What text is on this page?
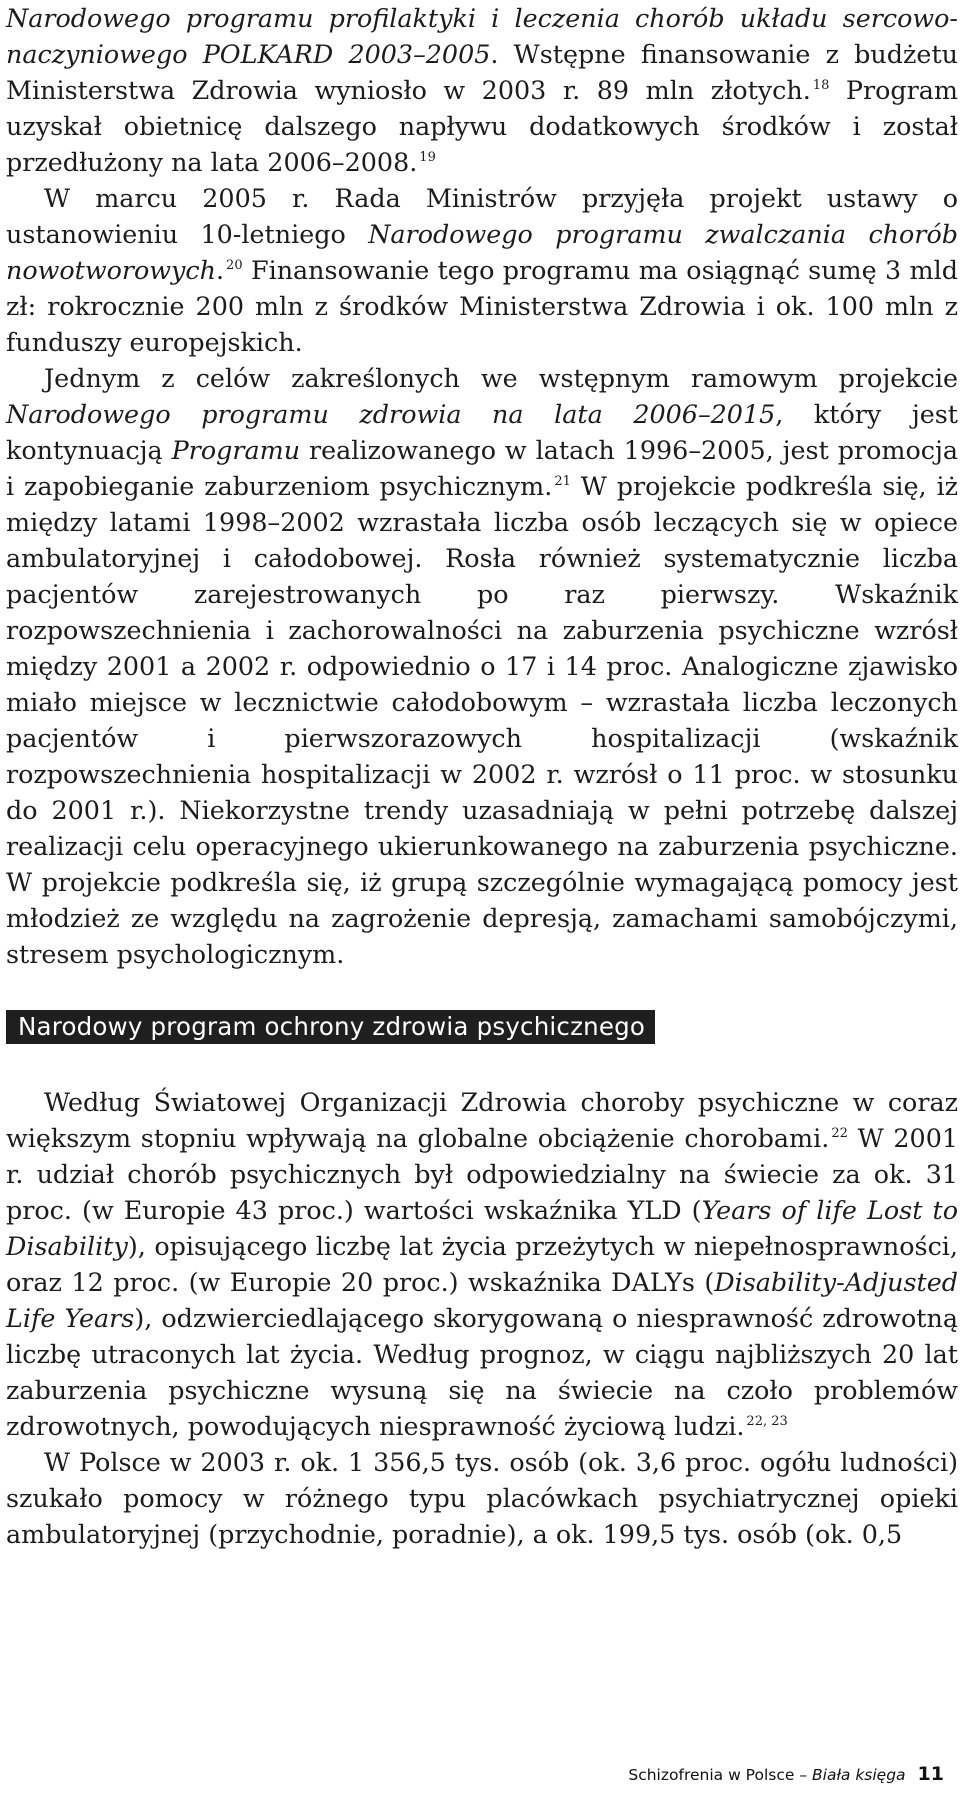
Narodowego programu profilaktyki i leczenia chorób układu sercowo-naczyniowego POLKARD 2003–2005. Wstępne finansowanie z budżetu Ministerstwa Zdrowia wyniosło w 2003 r. 89 mln złotych. $^{18}$ Program uzyskał obietnicę dalszego napływu dodatkowych środków i został przedłużony na lata 2006–2008. $^{19}$

W marcu 2005 r. Rada Ministrów przyjęła projekt ustawy o ustanowieniu 10-letniego Narodowego programu zwalczania chorób nowotworowych. $^{20}$ Finansowanie tego programu ma osiągnąć sumę 3 mld zł: rokrocznie 200 mln z środków Ministerstwa Zdrowia i ok. 100 mln z funduszy europejskich.

Jednym z celów zakreślonych we wstępnym ramowym projekcie Narodowego programu zdrowia na lata 2006–2015, który jest kontynuacją Programu realizowanego w latach 1996–2005, jest promocja i zapobieganie zaburzeniom psychicznym. $^{21}$ W projekcie podkreśla się, iż między latami 1998–2002 wzrastała liczba osób leczących się w opiece ambulatoryjnej i całodobowej. Rosła również systematycznie liczba pacjentów zarejestrowanych po raz pierwszy. Wskaźnik rozpowszechnienia i zachorowalności na zaburzenia psychiczne wzrósł między 2001 a 2002 r. odpowiednio o 17 i 14 proc. Analogiczne zjawisko miało miejsce w lecznictwie całodobowym – wzrastała liczba leczonych pacjentów i pierwszorazowych hospitalizacji (wskaźnik rozpowszechnienia hospitalizacji w 2002 r. wzrósł o 11 proc. w stosunku do 2001 r.). Niekorzystne trendy uzasadniają w pełni potrzebę dalszej realizacji celu operacyjnego ukierunkowanego na zaburzenia psychiczne. W projekcie podkreśla się, iż grupą szczególnie wymagającą pomocy jest młodzież ze względu na zagrożenie depresją, zamachami samobójczymi, stresem psychologicznym.

Narodowy program ochrony zdrowia psychicznego

Według Światowej Organizacji Zdrowia choroby psychiczne w coraz większym stopniu wpływają na globalne obciążenie chorobami. $^{22}$ W 2001 r. udział chorób psychicznych był odpowiedzialny na świecie za ok. 31 proc. (w Europie 43 proc.) wartości wskaźnika YLD (Years of life Lost to Disability), opisującego liczbę lat życia przeżytych w niepełnosprawności, oraz 12 proc. (w Europie 20 proc.) wskaźnika DALYs (Disability-Adjusted Life Years), odzwierciedlającego skorygowaną o niesprawność zdrowotną liczbę utraconych lat życia. Według prognoz, w ciągu najbliższych 20 lat zaburzenia psychiczne wysuną się na świecie na czoło problemów zdrowotnych, powodujących niesprawność życiową ludzi. $^{22, 23}$

W Polsce w 2003 r. ok. 1 356,5 tys. osób (ok. 3,6 proc. ogółu ludności) szukało pomocy w różnego typu placówkach psychiatrycznej opieki ambulatoryjnej (przychodnie, poradnie), a ok. 199,5 tys. osób (ok. 0,5

Schizofrenia w Polsce – Biała księga 11
